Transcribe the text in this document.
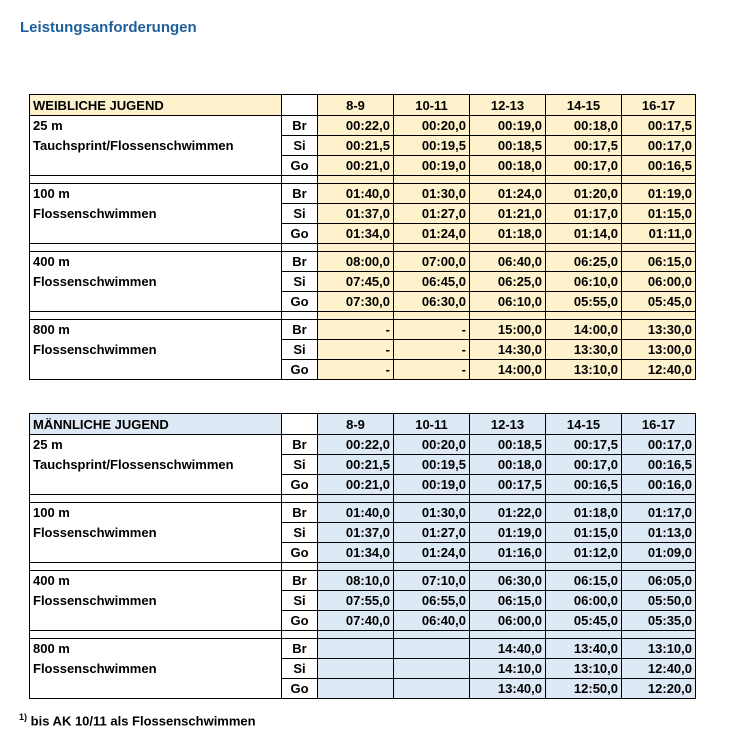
Leistungsanforderungen
WEIBLICHE JUGEND		8-9	10-11	12-13	14-15	16-17

25 m
Tauchsprint/Flossenschwimmen	Br	00:22,0	00:20,0	00:19,0	00:18,0	00:17,5
	Si	00:21,5	00:19,5	00:18,5	00:17,5	00:17,0
	Go	00:21,0	00:19,0	00:18,0	00:17,0	00:16,5

100 m
Flossenschwimmen	Br	01:40,0	01:30,0	01:24,0	01:20,0	01:19,0
	Si	01:37,0	01:27,0	01:21,0	01:17,0	01:15,0
	Go	01:34,0	01:24,0	01:18,0	01:14,0	01:11,0

400 m
Flossenschwimmen	Br	08:00,0	07:00,0	06:40,0	06:25,0	06:15,0
	Si	07:45,0	06:45,0	06:25,0	06:10,0	06:00,0
	Go	07:30,0	06:30,0	06:10,0	05:55,0	05:45,0

800 m
Flossenschwimmen	Br	-	-	15:00,0	14:00,0	13:30,0
	Si	-	-	14:30,0	13:30,0	13:00,0
	Go	-	-	14:00,0	13:10,0	12:40,0
MÄNNLICHE JUGEND		8-9	10-11	12-13	14-15	16-17

25 m
Tauchsprint/Flossenschwimmen	Br	00:22,0	00:20,0	00:18,5	00:17,5	00:17,0
	Si	00:21,5	00:19,5	00:18,0	00:17,0	00:16,5
	Go	00:21,0	00:19,0	00:17,5	00:16,5	00:16,0

100 m
Flossenschwimmen	Br	01:40,0	01:30,0	01:22,0	01:18,0	01:17,0
	Si	01:37,0	01:27,0	01:19,0	01:15,0	01:13,0
	Go	01:34,0	01:24,0	01:16,0	01:12,0	01:09,0

400 m
Flossenschwimmen	Br	08:10,0	07:10,0	06:30,0	06:15,0	06:05,0
	Si	07:55,0	06:55,0	06:15,0	06:00,0	05:50,0
	Go	07:40,0	06:40,0	06:00,0	05:45,0	05:35,0

800 m
Flossenschwimmen	Br			14:40,0	13:40,0	13:10,0
	Si			14:10,0	13:10,0	12:40,0
	Go			13:40,0	12:50,0	12:20,0
$^{1)}$ bis AK 10/11 als Flossenschwimmen
